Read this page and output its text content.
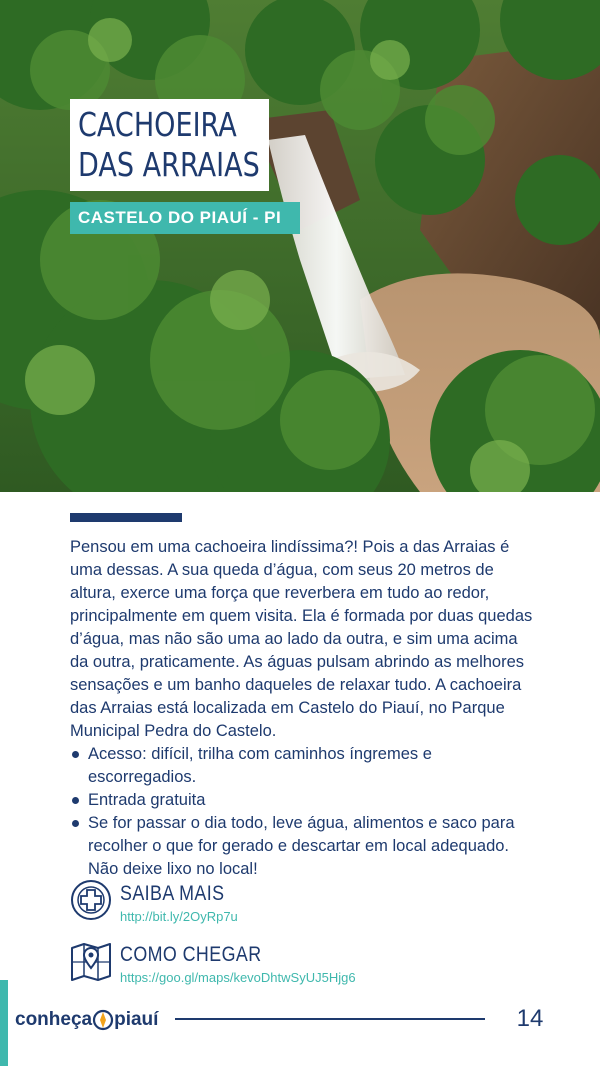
CACHOEIRA
DAS ARRAIAS
CASTELO DO PIAUÍ - PI

Pensou em uma cachoeira lindíssima?! Pois a das Arraias é uma dessas. A sua queda d’água, com seus 20 metros de altura, exerce uma força que reverbera em tudo ao redor, principalmente em quem visita. Ela é formada por duas quedas d’água, mas não são uma ao lado da outra, e sim uma acima da outra, praticamente. As águas pulsam abrindo as melhores sensações e um banho daqueles de relaxar tudo. A cachoeira das Arraias está localizada em Castelo do Piauí, no Parque Municipal Pedra do Castelo.

Acesso: difícil, trilha com caminhos íngremes e escorregadios.
Entrada gratuita
Se for passar o dia todo, leve água, alimentos e saco para recolher o que for gerado e descartar em local adequado. Não deixe lixo no local!
SAIBA MAIS
http://bit.ly/2OyRp7u
COMO CHEGAR
https://goo.gl/maps/kevoDhtwSyUJ5Hjg6
conheça piauí	14
